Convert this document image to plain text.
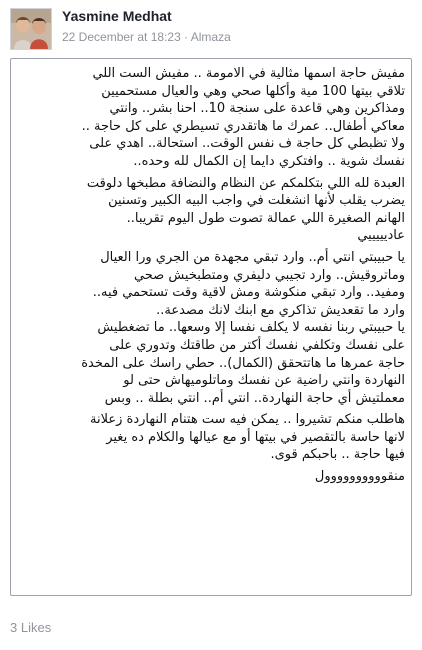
Yasmine Medhat
22 December at 18:23 · Almaza

مفيش حاجة اسمها مثالية في الامومة .. مفيش الست اللي
تلاقي بيتها 100 مية وأكلها صحي وهي والعيال مستحميين
ومذاكرين وهي قاعدة على سنجة 10.. احنا بشر.. وانتي
معاكي أطفال.. عمرك ما هاتقدري تسيطري على كل حاجة ..
ولا تظبطي كل حاجة ف نفس الوقت.. استحالة.. اهدي على
نفسك شوية .. وافتكري دايما إن الكمال لله وحده..

العبدة لله اللي بتكلمكم عن النظام والنضافة مطبخها دلوقت
يضرب يقلب لأنها انشغلت في واجب البيه الكبير وتسنين
الهانم الصغيرة اللي عمالة تصوت طول اليوم تقريبا..
عاديييييي

يا حبيبتي انتي أم.. وارد تبقي مجهدة من الجري ورا العيال
وماتروقيش.. وارد تجيبي دليفري ومتطبخيش صحي
ومفيد.. وارد تبقي منكوشة ومش لاقية وقت تستحمي فيه..
وارد ما تقعديش تذاكري مع ابنك لانك مصدعة..
يا حبيبتي ربنا نفسه لا يكلف نفسا إلا وسعها.. ما تضغطيش
على نفسك وتكلفي نفسك أكتر من طاقتك وتدوري على
حاجة عمرها ما هاتتحقق (الكمال).. حطي راسك على المخدة
النهاردة وانتي راضية عن نفسك وماتلوميهاش حتى لو
معملتيش أي حاجة النهاردة.. انتي أم.. انتي بطلة .. وبس

هاطلب منكم تشيروا .. يمكن فيه ست هتنام النهاردة زعلانة
لانها حاسة بالتقصير في بيتها أو مع عيالها والكلام ده يغير
فيها حاجة .. باحبكم قوى.

منقوووووووووول

3 Likes
